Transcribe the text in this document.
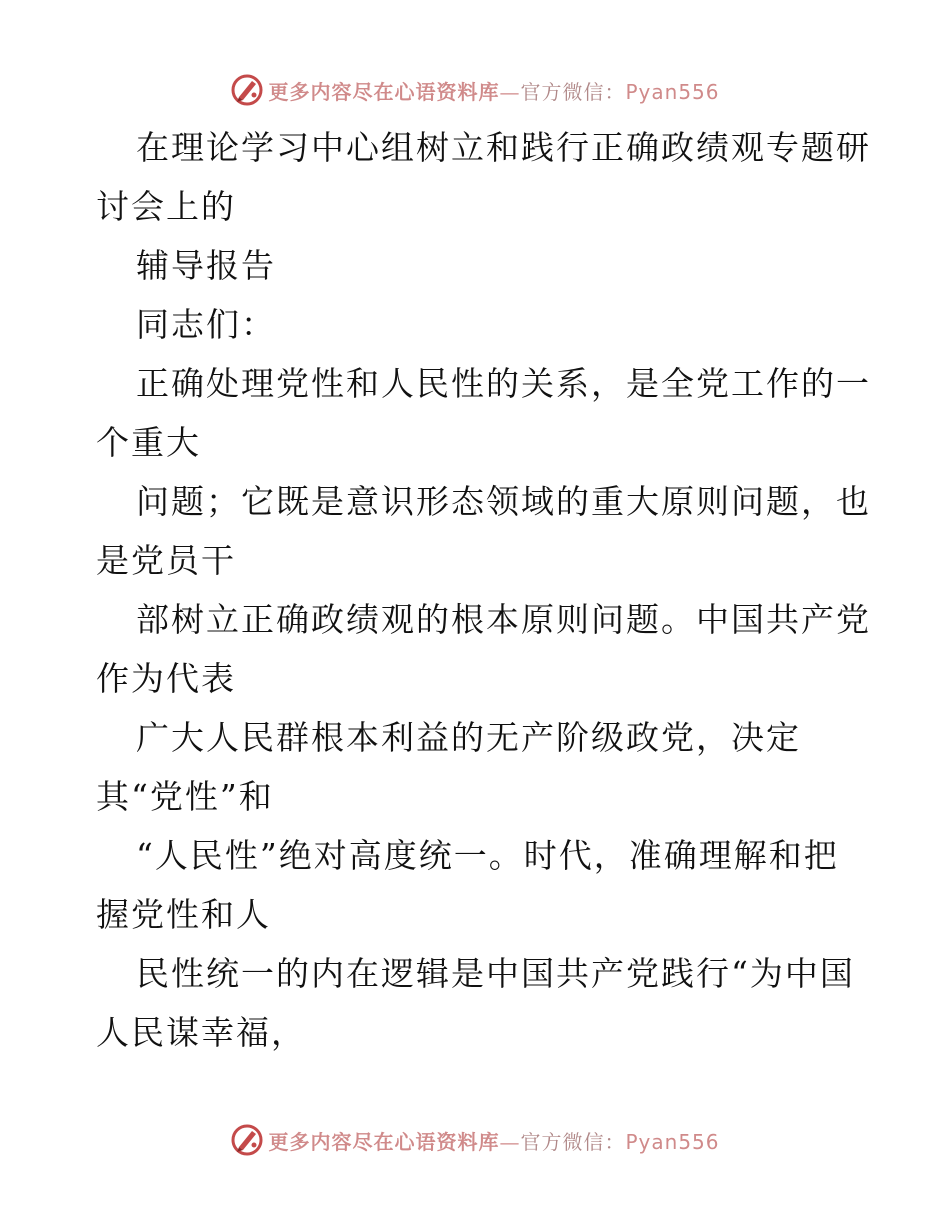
更多内容尽在心语资料库—官方微信：Pyan556
在理论学习中心组树立和践行正确政绩观专题研
讨会上的
辅导报告
同志们：
正确处理党性和人民性的关系，是全党工作的一
个重大
问题；它既是意识形态领域的重大原则问题，也
是党员干
部树立正确政绩观的根本原则问题。中国共产党
作为代表
广大人民群根本利益的无产阶级政党，决定
其“党性”和
“人民性”绝对高度统一。时代，准确理解和把
握党性和人
民性统一的内在逻辑是中国共产党践行“为中国
人民谋幸福，
更多内容尽在心语资料库—官方微信：Pyan556
